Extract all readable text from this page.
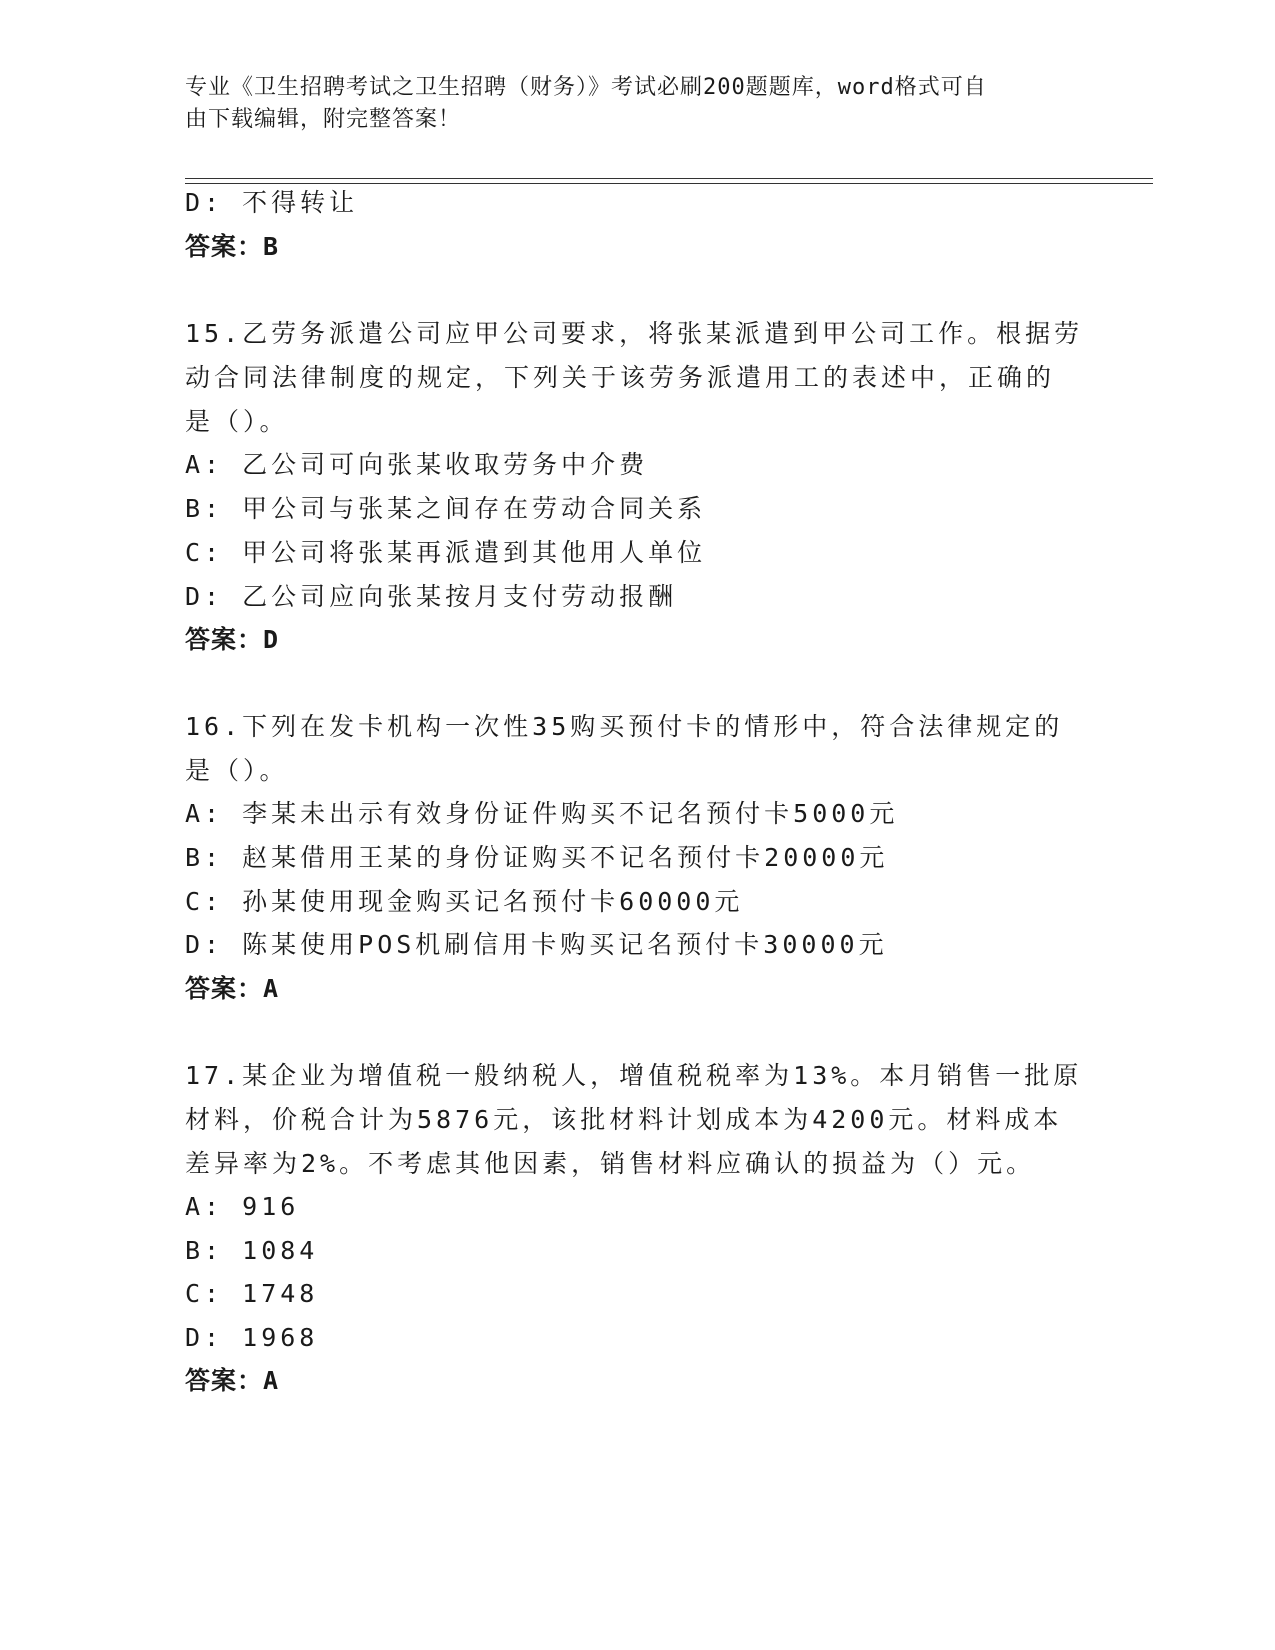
专业《卫生招聘考试之卫生招聘（财务）》考试必刷200题题库，word格式可自
由下载编辑，附完整答案！
D: 不得转让
答案：B
15.乙劳务派遣公司应甲公司要求，将张某派遣到甲公司工作。根据劳
动合同法律制度的规定，下列关于该劳务派遣用工的表述中，正确的
是（）。
A: 乙公司可向张某收取劳务中介费
B: 甲公司与张某之间存在劳动合同关系
C: 甲公司将张某再派遣到其他用人单位
D: 乙公司应向张某按月支付劳动报酬
答案：D
16.下列在发卡机构一次性35购买预付卡的情形中，符合法律规定的
是（）。
A: 李某未出示有效身份证件购买不记名预付卡5000元
B: 赵某借用王某的身份证购买不记名预付卡20000元
C: 孙某使用现金购买记名预付卡60000元
D: 陈某使用POS机刷信用卡购买记名预付卡30000元
答案：A
17.某企业为增值税一般纳税人，增值税税率为13%。本月销售一批原
材料，价税合计为5876元，该批材料计划成本为4200元。材料成本
差异率为2%。不考虑其他因素，销售材料应确认的损益为（）元。
A: 916
B: 1084
C: 1748
D: 1968
答案：A
